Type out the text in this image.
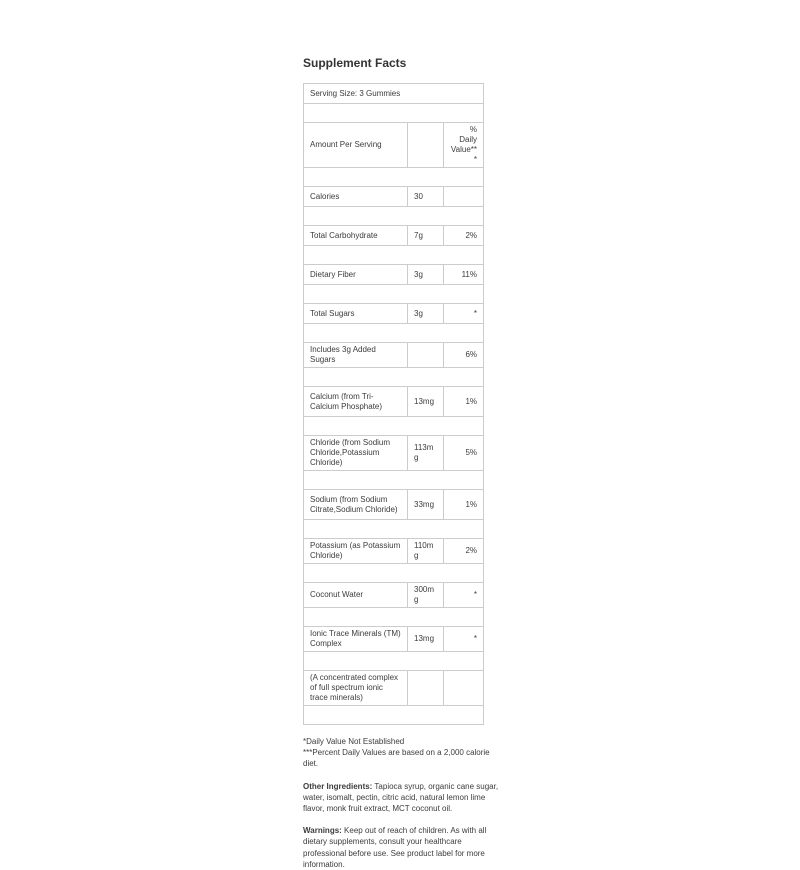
Supplement Facts
Serving Size: 3 Gummies		

Amount Per Serving		% Daily Value***

Calories	30	

Total Carbohydrate	7g	2%

Dietary Fiber	3g	11%

Total Sugars	3g	*

Includes 3g Added Sugars		6%

Calcium (from Tri-Calcium Phosphate)	13mg	1%

Chloride (from Sodium Chloride,Potassium Chloride)	113mg	5%

Sodium (from Sodium Citrate,Sodium Chloride)	33mg	1%

Potassium (as Potassium Chloride)	110mg	2%

Coconut Water	300mg	*

Ionic Trace Minerals (TM) Complex	13mg	*

(A concentrated complex of full spectrum ionic trace minerals)		

*Daily Value Not Established

***Percent Daily Values are based on a 2,000 calorie diet.

Other Ingredients: Tapioca syrup, organic cane sugar, water, isomalt, pectin, citric acid, natural lemon lime flavor, monk fruit extract, MCT coconut oil.

Warnings: Keep out of reach of children. As with all dietary supplements, consult your healthcare professional before use. See product label for more information.
